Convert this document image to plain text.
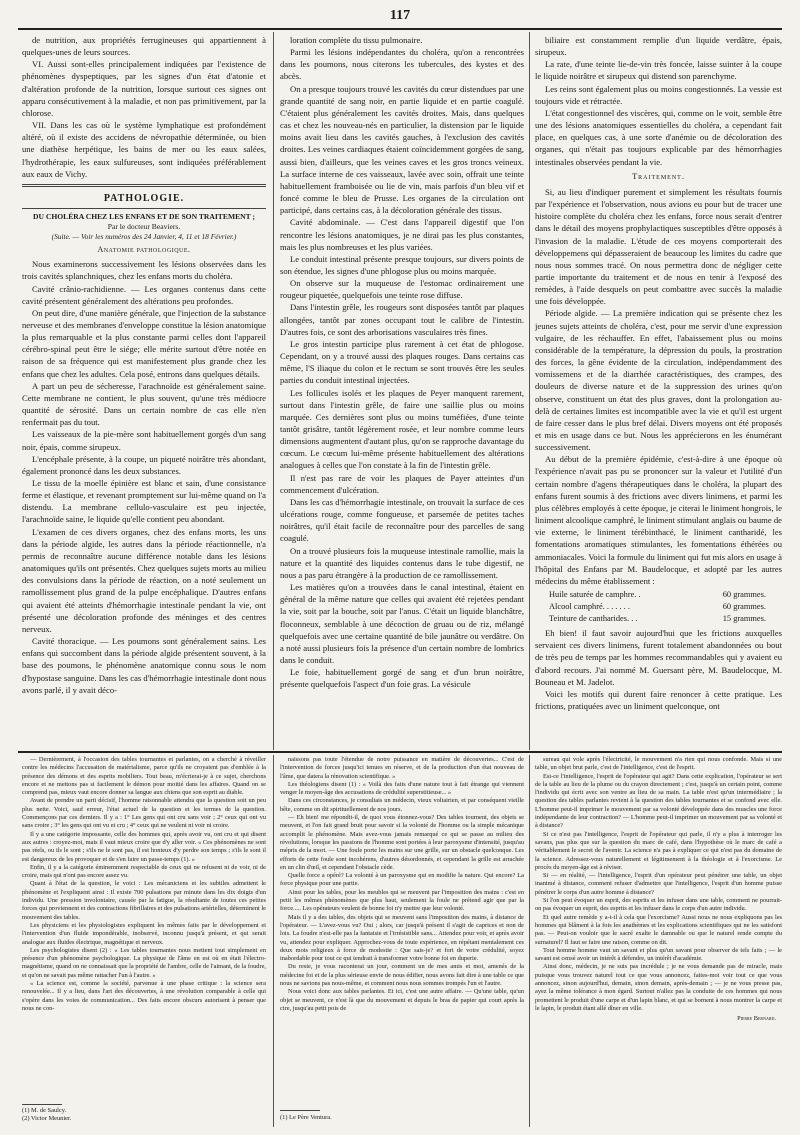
117

de nutrition, aux propriétés ferrugineuses qui appartiennent à quelques-unes de leurs sources.

VI. Aussi sont-elles principalement indiquées par l'existence de phénomènes dyspeptiques, par les signes d'un état d'atonie et d'altération profonde de la nutrition, lorsque surtout ces signes ont apparu consécutivement à la maladie, et non pas primitivement, par la chlorose.

VII. Dans les cas où le système lymphatique est profondément altéré, où il existe des accidens de névropathie déterminée, ou bien une diathèse herpétique, les bains de mer ou les eaux salées, l'hydrothérapie, les eaux sulfureuses, sont indiquées préférablement aux eaux de Vichy.

PATHOLOGIE.
DU CHOLÉRA CHEZ LES ENFANS ET DE SON TRAITEMENT ;
Par le docteur Beaviers.
(Suite. — Voir les numéros des 24 Janvier, 4, 11 et 18 Février.)
Anatomie pathologique.

Nous examinerons successivement les lésions observées dans les trois cavités splanchniques, chez les enfans morts du choléra.

Cavité crânio-rachidienne. — Les organes contenus dans cette cavité présentent généralement des altérations peu profondes.

On peut dire, d'une manière générale, que l'injection de la substance nerveuse et des membranes d'enveloppe constitue la lésion anatomique la plus remarquable et la plus constante parmi celles dont l'appareil cérébro-spinal peut être le siége; elle mérite surtout d'être notée en raison de sa fréquence qui est manifestement plus grande chez les enfans que chez les adultes. Cela posé, entrons dans quelques détails.

A part un peu de sécheresse, l'arachnoïde est généralement saine. Cette membrane ne contient, le plus souvent, qu'une très médiocre quantité de sérosité. Dans un certain nombre de cas elle n'en renfermait pas du tout.

Les vaisseaux de la pie-mère sont habituellement gorgés d'un sang noir, épais, comme sirupeux.

L'encéphale présente, à la coupe, un piqueté noirâtre très abondant, également prononcé dans les deux substances.

Le tissu de la moelle épinière est blanc et sain, d'une consistance ferme et élastique, et revenant promptement sur lui-même quand on l'a distendu. La membrane cellulo-vasculaire est peu injectée, l'arachnoïde saine, le liquide qu'elle contient peu abondant.

L'examen de ces divers organes, chez des enfans morts, les uns dans la période algide, les autres dans la période réactionnelle, n'a permis de reconnaître aucune différence notable dans les lésions anatomiques qu'ils ont présentés. Chez quelques sujets morts au milieu des convulsions dans la période de réaction, on a noté seulement un ramollissement plus grand de la pulpe encéphalique. D'autres enfans qui avaient été atteints d'hémorrhagie intestinale pendant la vie, ont présenté une décoloration profonde des méninges et des centres nerveux.

Cavité thoracique. — Les poumons sont généralement sains. Les enfans qui succombent dans la période algide présentent souvent, à la base des poumons, le phénomène anatomique connu sous le nom d'hypostase sanguine. Dans les cas d'hémorrhagie intestinale dont nous avons parlé, il y avait déco-

loration complète du tissu pulmonaire.

Parmi les lésions indépendantes du choléra, qu'on a rencontrées dans les poumons, nous citerons les tubercules, des kystes et des abcès.

On a presque toujours trouvé les cavités du cœur distendues par une grande quantité de sang noir, en partie liquide et en partie coagulé. C'étaient plus généralement les cavités droites. Mais, dans quelques cas et chez les nouveau-nés en particulier, la distension par le liquide moins avait lieu dans les cavités gauches, à l'exclusion des cavités droites. Les veines cardiaques étaient coïncidemment gorgées de sang, aussi bien, d'ailleurs, que les veines caves et les gros troncs veineux. La surface interne de ces vaisseaux, lavée avec soin, offrait une teinte habituellement framboisée ou lie de vin, mais parfois d'un bleu vif et foncé comme le bleu de Prusse. Les organes de la circulation ont participé, dans certains cas, à la décoloration générale des tissus.

Cavité abdominale. — C'est dans l'appareil digestif que l'on rencontre les lésions anatomiques, je ne dirai pas les plus constantes, mais les plus nombreuses et les plus variées.

Le conduit intestinal présente presque toujours, sur divers points de son étendue, les signes d'une phlogose plus ou moins marquée.

On observe sur la muqueuse de l'estomac ordinairement une rougeur piquetée, quelquefois une teinte rose diffuse.

Dans l'intestin grêle, les rougeurs sont disposées tantôt par plaques allongées, tantôt par zones occupant tout le calibre de l'intestin. D'autres fois, ce sont des arborisations vasculaires très fines.

Le gros intestin participe plus rarement à cet état de phlogose. Cependant, on y a trouvé aussi des plaques rouges. Dans certains cas même, l'S iliaque du colon et le rectum se sont trouvés être les seules parties du conduit intestinal injectées.

Les follicules isolés et les plaques de Peyer manquent rarement, surtout dans l'intestin grêle, de faire une saillie plus ou moins marquée. Ces dernières sont plus ou moins tuméfiées, d'une teinte tantôt grisâtre, tantôt légèrement rosée, et leur nombre comme leurs dimensions augmentent d'autant plus, qu'on se rapproche davantage du cœcum. Le cœcum lui-même présente habituellement des altérations analogues à celles que l'on constate à la fin de l'intestin grêle.

Il n'est pas rare de voir les plaques de Payer atteintes d'un commencement d'ulcération.

Dans les cas d'hémorrhagie intestinale, on trouvait la surface de ces ulcérations rouge, comme fongueuse, et parsemée de petites taches noirâtres, qu'il était facile de reconnaître pour des parcelles de sang coagulé.

On a trouvé plusieurs fois la muqueuse intestinale ramollie, mais la nature et la quantité des liquides contenus dans le tube digestif, ne nous a pas paru étrangère à la production de ce ramollissement.

Les matières qu'on a trouvées dans le canal intestinal, étaient en général de la même nature que celles qui avaient été rejetées pendant la vie, soit par la bouche, soit par l'anus. C'était un liquide blanchâtre, floconneux, semblable à une décoction de gruau ou de riz, mélangé quelquefois avec une certaine quantité de bile jaunâtre ou verdâtre. On a noté aussi plusieurs fois la présence d'un certain nombre de lombrics dans le conduit.

Le foie, habituellement gorgé de sang et d'un brun noirâtre, présente quelquefois l'aspect d'un foie gras. La vésicule

biliaire est constamment remplie d'un liquide verdâtre, épais, sirupeux.

La rate, d'une teinte lie-de-vin très foncée, laisse suinter à la coupe le liquide noirâtre et sirupeux qui distend son parenchyme.

Les reins sont également plus ou moins congestionnés. La vessie est toujours vide et rétractée.

L'état congestionnel des viscères, qui, comme on le voit, semble être une des lésions anatomiques essentielles du choléra, a cependant fait place, en quelques cas, à une sorte d'anémie ou de décoloration des organes, qui n'était pas toujours explicable par des hémorrhagies intestinales observées pendant la vie.

Traitement.

Si, au lieu d'indiquer purement et simplement les résultats fournis par l'expérience et l'observation, nous avions eu pour but de tracer une histoire complète du choléra chez les enfans, force nous serait d'entrer dans le détail des moyens prophylactiques susceptibles d'être opposés à l'invasion de la maladie. L'étude de ces moyens comporterait des développemens qui dépasseraient de beaucoup les limites du cadre que nous nous sommes tracé. On nous permettra donc de négliger cette partie importante du traitement et de nous en tenir à l'exposé des remèdes, à l'aide desquels on peut combattre avec succès la maladie une fois développée.

Période algide. — La première indication qui se présente chez les jeunes sujets atteints de choléra, c'est, pour me servir d'une expression vulgaire, de les réchauffer. En effet, l'abaissement plus ou moins considérable de la température, la dépression du pouls, la prostration des forces, la gêne évidente de la circulation, indépendamment des vomissemens et de la diarrhée caractéristiques, des crampes, des douleurs de diverse nature et de la suppression des urines qu'on observe, constituent un état des plus graves, dont la prolongation au-delà de certaines limites est incompatible avec la vie et qu'il est urgent de faire cesser dans le plus bref délai. Divers moyens ont été proposés et mis en usage dans ce but. Nous les apprécierons en les énumérant successivement.

Au début de la première épidémie, c'est-à-dire à une époque où l'expérience n'avait pas pu se prononcer sur la valeur et l'utilité d'un certain nombre d'agens thérapeutiques dans le choléra, la plupart des enfans furent soumis à des frictions avec divers linimens, et parmi les plus célèbres employés à cette époque, je citerai le liniment hongrois, le liniment alcoolique camphré, le liniment stimulant anglais ou baume de vie externe, le liniment térébinthacé, le liniment cantharidé, les fomentations aromatiques stimulantes, les fomentations éthérées ou ammoniacales. Voici la formule du liniment qui fut mis alors en usage à l'hôpital des Enfans par M. Baudelocque, et adopté par les autres médecins du même établissement :

Huile saturée de camphre. .	60 grammes.
Alcool camphré. . . . . . .	60 grammes.
Teinture de cantharides. . .	15 grammes.

Eh bien! il faut savoir aujourd'hui que les frictions auxquelles servaient ces divers linimens, furent totalement abandonnées ou bout de très peu de temps par les hommes recommandables qui y avaient eu d'abord recours. J'ai nommé M. Guersant père, M. Baudelocque, M. Bouneau et M. Jadelot.

Voici les motifs qui durent faire renoncer à cette pratique. Les frictions, pratiquées avec un liniment quelconque, ont

— Dernièrement, à l'occasion des tables tournantes et parlantes, on a cherché à réveiller contre les médecins l'accusation de matérialisme, parce qu'ils ne croyaient pas d'emblée à la présence des démons et des esprits mobiliers. Tout beau, m'écrierai-je à ce sujet, cherchons encore et ne mettons pas si facilement le démon pour moitié dans les affaires. Quand on se comprend pas, mieux vaut encore donner sa langue aux chiens que son esprit au diable.

Avant de prendre un parti décisif, l'homme raisonnable attendra que la question soit un peu plus nette. Voici, sauf erreur, l'état actuel de la question et les termes de la question. Commençons par ces derniers. Il y a : 1° Les gens qui ont cru sans voir ; 2° ceux qui ont vu sans croire ; 3° les gens qui ont vu et cru ; 4° ceux qui ne veulent ni voir ni croire.

Il y a une catégorie impossante, celle des hommes qui, après avoir vu, ont cru et qui disent aux autres : croyez-moi, mais il vaut mieux croire que d'y aller voir. « Ces phénomènes ne sont pas réels, ou ils le sont ; s'ils ne le sont pas, il est honteux d'y perdre son temps ; s'ils le sont il est dangereux de les provoquer et de s'en faire un passe-temps (1). »

Enfin, il y a la catégorie éminemment respectable de ceux qui ne refusent ni de voir, ni de croire, mais qui n'ont pas encore assez vu.

Quant à l'état de la question, le voici : Les mécaniciens et les subtiles admettent le phénomène et l'expliquent ainsi : Il existe 700 pulsations par minute dans les dix doigts d'un individu. Une pression involontaire, causée par la fatigue, la résultante de toutes ces petites forces qui proviennent et des contractions fibrillaires et des pulsations artérielles, déterminent le mouvement des tables.

Les physiciens et les physiologistes expliquent les mêmes faits par le développement et l'intervention d'un fluide impondérable, inobservé, inconnu jusqu'à présent, et qui serait analogue aux fluides électrique, magnétique et nerveux.

Les psychologistes disent (2) : « Les tables tournantes nous mettent tout simplement en présence d'un phénomène psychologique. La physique de l'âme en est où en était l'électro-magnétisme, quand on ne connaissait que la propriété de l'ambre, celle de l'aimant, de la foudre, et qu'on ne savait pas même rattacher l'un à l'autre. »

« La science est, comme la société, parvenue à une phase critique : la science sera renouvelée... Il y a lieu, dans l'art des découvertes, à une révolution comparable à celle qui s'opère dans les voies de communication... Des faits encore obscurs autorisent à penser que nous ne con-

(1) M. de Saulcy.
(2) Victor Meunier.

naissons pas toute l'étendue de notre puissance en matière de découvertes... C'est de l'intervention de forces jusqu'ici tenues en réserve, et de la production d'un état nouveau de l'âme, que datera la rénovation scientifique. »

Les théologiens disent (1) : « Voilà des faits d'une nature tout à fait étrange qui viennent venger le moyen-âge des accusations de crédulité superstitieuse... »

Dans ces circonstances, je consultais un médecin, vieux voltairien, et par conséquent vieille bête, comme on dit spirituellement de nos jours.

— Eh bien! me répondit-il, de quoi vous étonnez-vous? Des tables tournent, des objets se meuvent, et l'on fait grand bruit pour savoir si la volonté de l'homme ou la simple mécanique accomplit le phénomène. Mais avez-vous jamais remarqué ce qui se passe au milieu des révolutions, lorsque les passions de l'homme sont portées à leur paroxysme d'intensité, jusqu'au mépris de la mort. — Une foule porte les mains sur une grille, sur un obstacle quelconque. Les efforts de cette foule sont incohérens, d'autres désordonnés, et cependant la grille est arrachée en un clin d'œil, et cependant l'obstacle cède.

Quelle force a opéré? La volonté à un paroxysme qui en modifie la nature. Qui encore? La force physique pour une partie.

Ainsi pour les tables, pour les meubles qui se meuvent par l'imposition des mains : c'est en petit les mêmes phénomènes que plus haut, seulement la foule ne prétend agir que par la force..... Les opérateurs veulent de bonne foi n'y mettre que leur volonté.

Mais il y a des tables, des objets qui se meuvent sans l'imposition des mains, à distance de l'opérateur. — L'avez-vous vu? Oui ; alors, car jusqu'à présent il s'agit de caprices et non de lois. La foudre n'est-elle pas la fantaisie et l'irrésistible sans... Attendez pour voir, et après avoir vu, attendez pour expliquer. Approchez-vous de toute expérience, en répétant mentalement ces deux mots religieux à force de modestie : Que sais-je? et fort de votre crédulité, soyez inabordable pour tout ce qui tendrait à transformer votre bonne foi en duperie.

Du reste, je vous raconterai un jour, comment un de mes amis et moi, amenés de la médecine foi et de la plus sérieuse envie de nous édifier, nous avons fait dire à une table ce que nous ne savions pas nous-même, et comment nous nous sommes trompés l'un et l'autre.

Nous voici donc aux tables parlantes. Et ici, c'est une autre affaire. — Qu'une table, qu'un objet se meuvent, ce n'est là que du mouvement et depuis le bras de papier qui court après la cire, jusqu'au petit pois de

(1) Le Père Ventura.

sureau qui vole après l'électricité, le mouvement n'a rien qui nous confonde. Mais si une table, un objet brut parle, c'est de l'intelligence, c'est de l'esprit.

Est-ce l'intelligence, l'esprit de l'opérateur qui agit? Dans cette explication, l'opérateur se sert de la table au lieu de la plume ou du crayon directement ; c'est, jusqu'à un certain point, comme l'individu qui écrit avec son ventre au lieu de sa main. La table n'est qu'un intermédiaire ; la question des tables parlantes revient à la question des tables tournantes et se confond avec elle. L'homme peut-il imprimer le mouvement par sa volonté développée dans des muscles une force indépendante de leur contraction? — L'homme peut-il imprimer un mouvement par sa volonté et à distance?

Si ce n'est pas l'intelligence, l'esprit de l'opérateur qui parle, il n'y a plus à interroger les savans, pas plus que sur la question du marc de café, dans l'hypothèse où le marc de café a véritablement le secret de l'avenir. La science n'a pas à expliquer ce qui n'est pas du domaine de la science. Adressez-vous naturellement et légitimement à la théologie et à l'exorcisme. Le procès du moyen-âge est à réviser.

Si — en réalité, — l'intelligence, l'esprit d'un opérateur peut pénétrer une table, un objet inanimé à distance, comment refuser d'admettre que l'intelligence, l'esprit d'un homme puisse pénétrer le corps d'un autre homme à distance?

Si l'on peut évoquer un esprit, des esprits et les infuser dans une table, comment ne pourrait-on pas évoquer un esprit, des esprits et les infuser dans le corps d'un autre individu.

Et quel autre remède y a-t-il à cela que l'exorcisme? Aussi nous ne nous expliquons pas les hommes qui blâment à la fois les anathèmes et les explications scientifiques qui ne les satisfont pas. — Peut-on vouloir que le sacré exalte le damnable ou que le naturel rende compte du surnaturel? Il faut se faire une raison, comme on dit.

Tout homme homme vaut un savant et plus qu'un savant pour observer de tels faits ; — le savant est censé avoir un intérêt à défendre, un intérêt d'académie.

Ainsi donc, médecin, je ne suis pas incrédule ; je ne vous demande pas de miracle, mais puisque vous trouvez naturel tout ce que vous annoncez, faites-moi voir tout ce que vous annoncez, sinon aujourd'hui, demain, sinon demain, après-demain ; — je ne vous presse pas, ayez la même tolérance à mon égard. Surtout n'allez pas la conduite de ces hommes qui nous promettent le produit d'une carpe et d'un lapin blanc, et qui se bornent à nous montrer la carpe et le lapin, le produit étant allé dîner en ville.

Pierre Bernard.
